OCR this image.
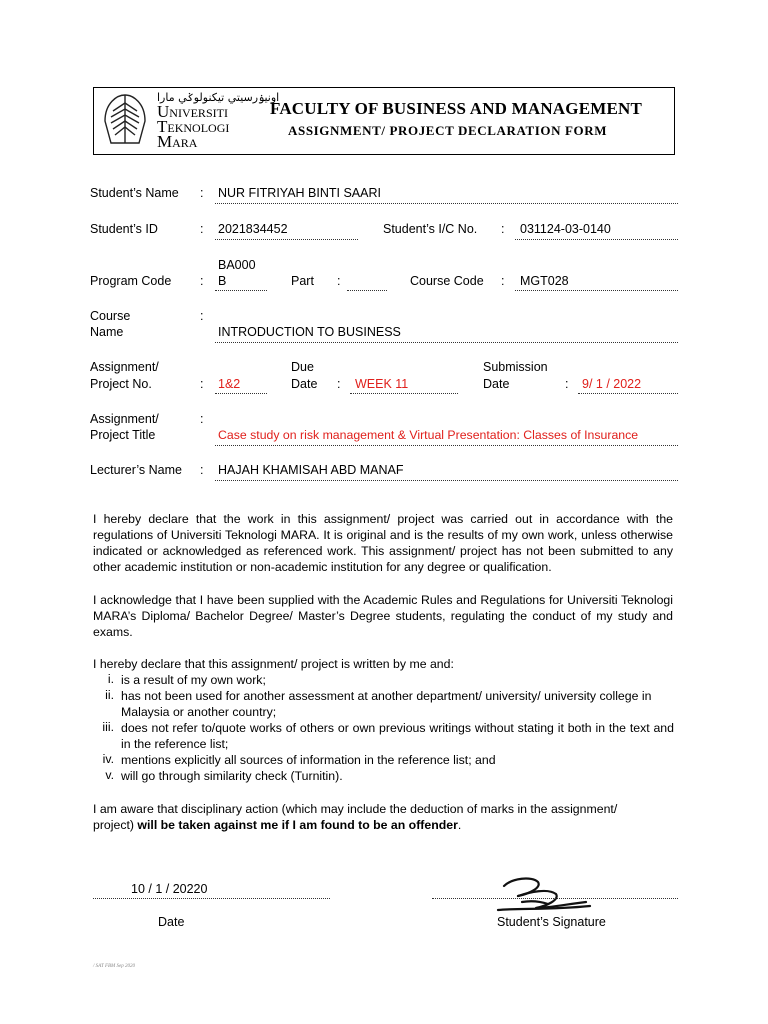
اونيۏرسيتي تيكنولوݢي مارا
Universiti
Teknologi
Mara
FACULTY OF BUSINESS AND MANAGEMENT
ASSIGNMENT/ PROJECT DECLARATION FORM
Student’s Name : NUR FITRIYAH BINTI SAARI
Student’s ID	: 2021834452	Student’s I/C No. : 031124-03-0140
BA000
Program Code : B	Part :	Course Code : MGT028
Course	:
Name	INTRODUCTION TO BUSINESS
Assignment/
Project No.	: 1&2
Due
Date : WEEK 11
Submission
Date	: 9/ 1 / 2022
Assignment/	:
Project Title	Case study on risk management & Virtual Presentation: Classes of Insurance
Lecturer’s Name : HAJAH KHAMISAH ABD MANAF
I hereby declare that the work in this assignment/ project was carried out in accordance with the regulations of Universiti Teknologi MARA. It is original and is the results of my own work, unless otherwise indicated or acknowledged as referenced work. This assignment/ project has not been submitted to any other academic institution or non-academic institution for any degree or qualification.
I acknowledge that I have been supplied with the Academic Rules and Regulations for Universiti Teknologi MARA’s Diploma/ Bachelor Degree/ Master’s Degree students, regulating the conduct of my study and exams.
I hereby declare that this assignment/ project is written by me and:
i. is a result of my own work;
ii. has not been used for another assessment at another department/ university/ university college in Malaysia or another country;
iii. does not refer to/quote works of others or own previous writings without stating it both in the text and in the reference list;
iv. mentions explicitly all sources of information in the reference list; and
v. will go through similarity check (Turnitin).
I am aware that disciplinary action (which may include the deduction of marks in the assignment/
project) will be taken against me if I am found to be an offender.
10 / 1 / 20220
Date	Student’s Signature
/ SAT FBM Sep 2020
